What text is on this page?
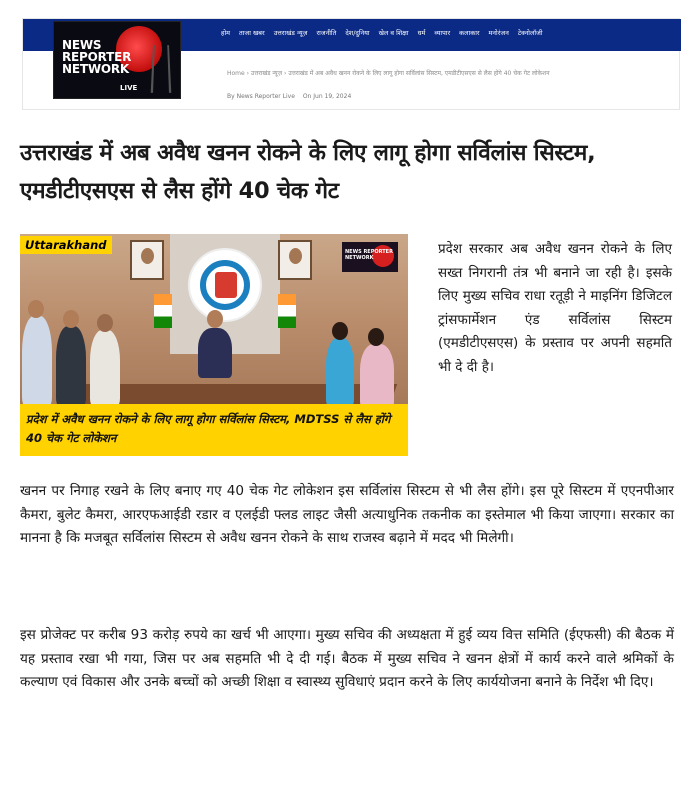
होम ताजा खबर उत्तराखंड न्यूज़ राजनीति देश/दुनिया खेल व शिक्षा धर्म व्यापार कलाकार मनोरंजन टेक्नोलॉजी
NEWS
REPORTER
NETWORK
LIVE
Home › उत्तराखंड न्यूज़ › उत्तराखंड में अब अवैध खनन रोकने के लिए लागू होगा सर्विलांस सिस्टम, एमडीटीएसएस से लैस होंगे 40 चेक गेट लोकेशन
By News Reporter Live On Jun 19, 2024
उत्तराखंड में अब अवैध खनन रोकने के लिए लागू होगा सर्विलांस सिस्टम, एमडीटीएसएस से लैस होंगे 40 चेक गेट
Uttarakhand	NEWS REPORTER NETWORK
प्रदेश में अवैध खनन रोकने के लिए लागू होगा सर्विलांस सिस्टम, MDTSS से लैस होंगे 40 चेक गेट लोकेशन

प्रदेश सरकार अब अवैध खनन रोकने के लिए सख्त निगरानी तंत्र भी बनाने जा रही है। इसके लिए मुख्य सचिव राधा रतूड़ी ने माइनिंग डिजिटल ट्रांसफार्मेशन एंड सर्विलांस सिस्टम (एमडीटीएसएस) के प्रस्ताव पर अपनी सहमति भी दे दी है।

खनन पर निगाह रखने के लिए बनाए गए 40 चेक गेट लोकेशन इस सर्विलांस सिस्टम से भी लैस होंगे। इस पूरे सिस्टम में एएनपीआर कैमरा, बुलेट कैमरा, आरएफआईडी रडार व एलईडी फ्लड लाइट जैसी अत्याधुनिक तकनीक का इस्तेमाल भी किया जाएगा। सरकार का मानना है कि मजबूत सर्विलांस सिस्टम से अवैध खनन रोकने के साथ राजस्व बढ़ाने में मदद भी मिलेगी।

इस प्रोजेक्ट पर करीब 93 करोड़ रुपये का खर्च भी आएगा। मुख्य सचिव की अध्यक्षता में हुई व्यय वित्त समिति (ईएफसी) की बैठक में यह प्रस्ताव रखा भी गया, जिस पर अब सहमति भी दे दी गई। बैठक में मुख्य सचिव ने खनन क्षेत्रों में कार्य करने वाले श्रमिकों के कल्याण एवं विकास और उनके बच्चों को अच्छी शिक्षा व स्वास्थ्य सुविधाएं प्रदान करने के लिए कार्ययोजना बनाने के निर्देश भी दिए।
